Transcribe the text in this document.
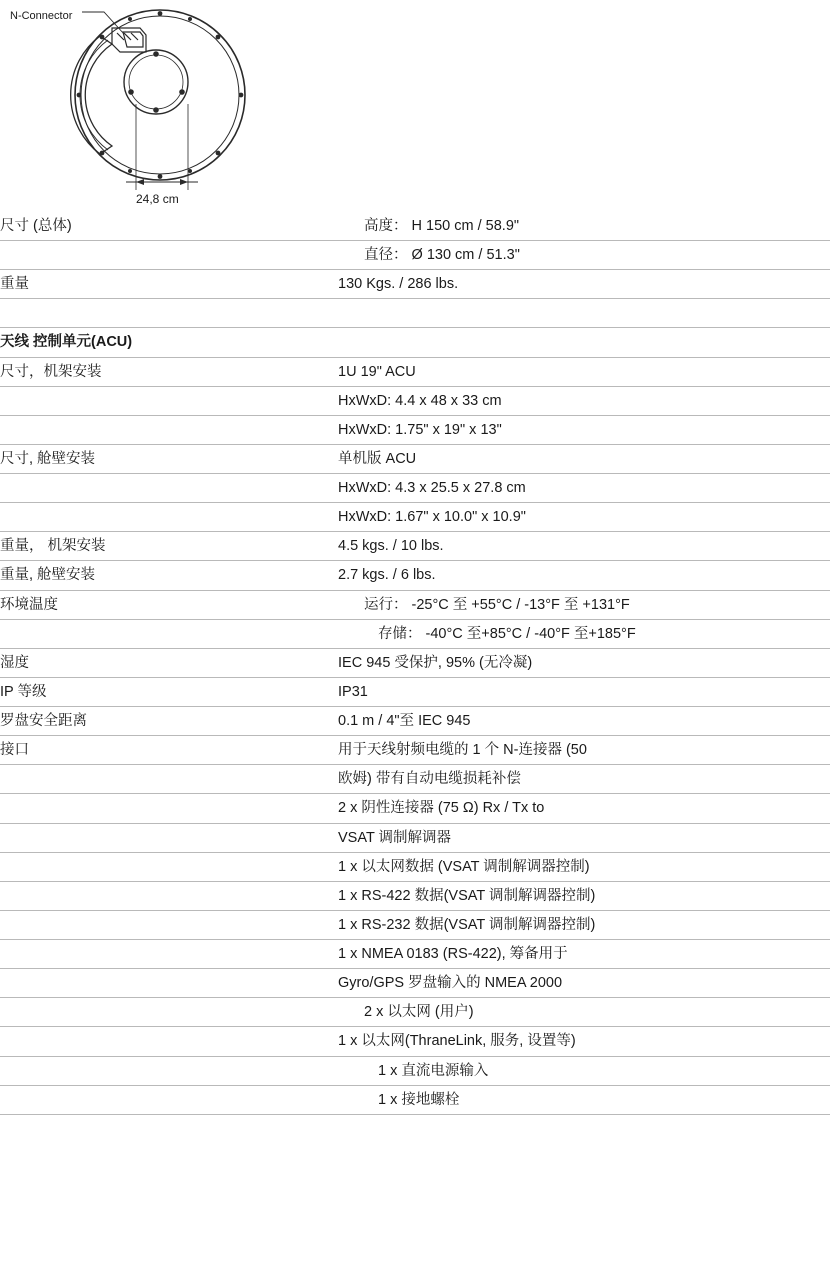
N-Connector
24,8 cm
尺寸 (总体)	高度： H 150 cm / 58.9"

	直径： Ø 130 cm / 51.3"

重量	130 Kgs. / 286 lbs.

天线 控制单元(ACU)	
尺寸，机架安装	1U 19" ACU

	HxWxD: 4.4 x 48 x 33 cm

	HxWxD: 1.75" x 19" x 13"

尺寸, 舱壁安装	单机版 ACU

	HxWxD: 4.3 x 25.5 x 27.8 cm

	HxWxD: 1.67" x 10.0" x 10.9"

重量， 机架安装	4.5 kgs. / 10 lbs.

重量, 舱壁安装	2.7 kgs. / 6 lbs.

环境温度	运行： -25°C 至 +55°C / -13°F 至 +131°F

	存储： -40°C 至+85°C / -40°F 至+185°F

湿度	IEC 945 受保护, 95% (无冷凝)

IP 等级	IP31

罗盘安全距离	0.1 m / 4"至 IEC 945

接口	用于天线射频电缆的 1 个 N-连接器 (50

	欧姆) 带有自动电缆损耗补偿

	2 x 阴性连接器 (75 Ω) Rx / Tx to

	VSAT 调制解调器

	1 x 以太网数据 (VSAT 调制解调器控制)

	1 x RS-422 数据(VSAT 调制解调器控制)

	1 x RS-232 数据(VSAT 调制解调器控制)

	1 x NMEA 0183 (RS-422), 筹备用于

	Gyro/GPS 罗盘输入的 NMEA 2000

	2 x 以太网 (用户)

	1 x 以太网(ThraneLink, 服务, 设置等)

	1 x 直流电源输入

	1 x 接地螺栓
